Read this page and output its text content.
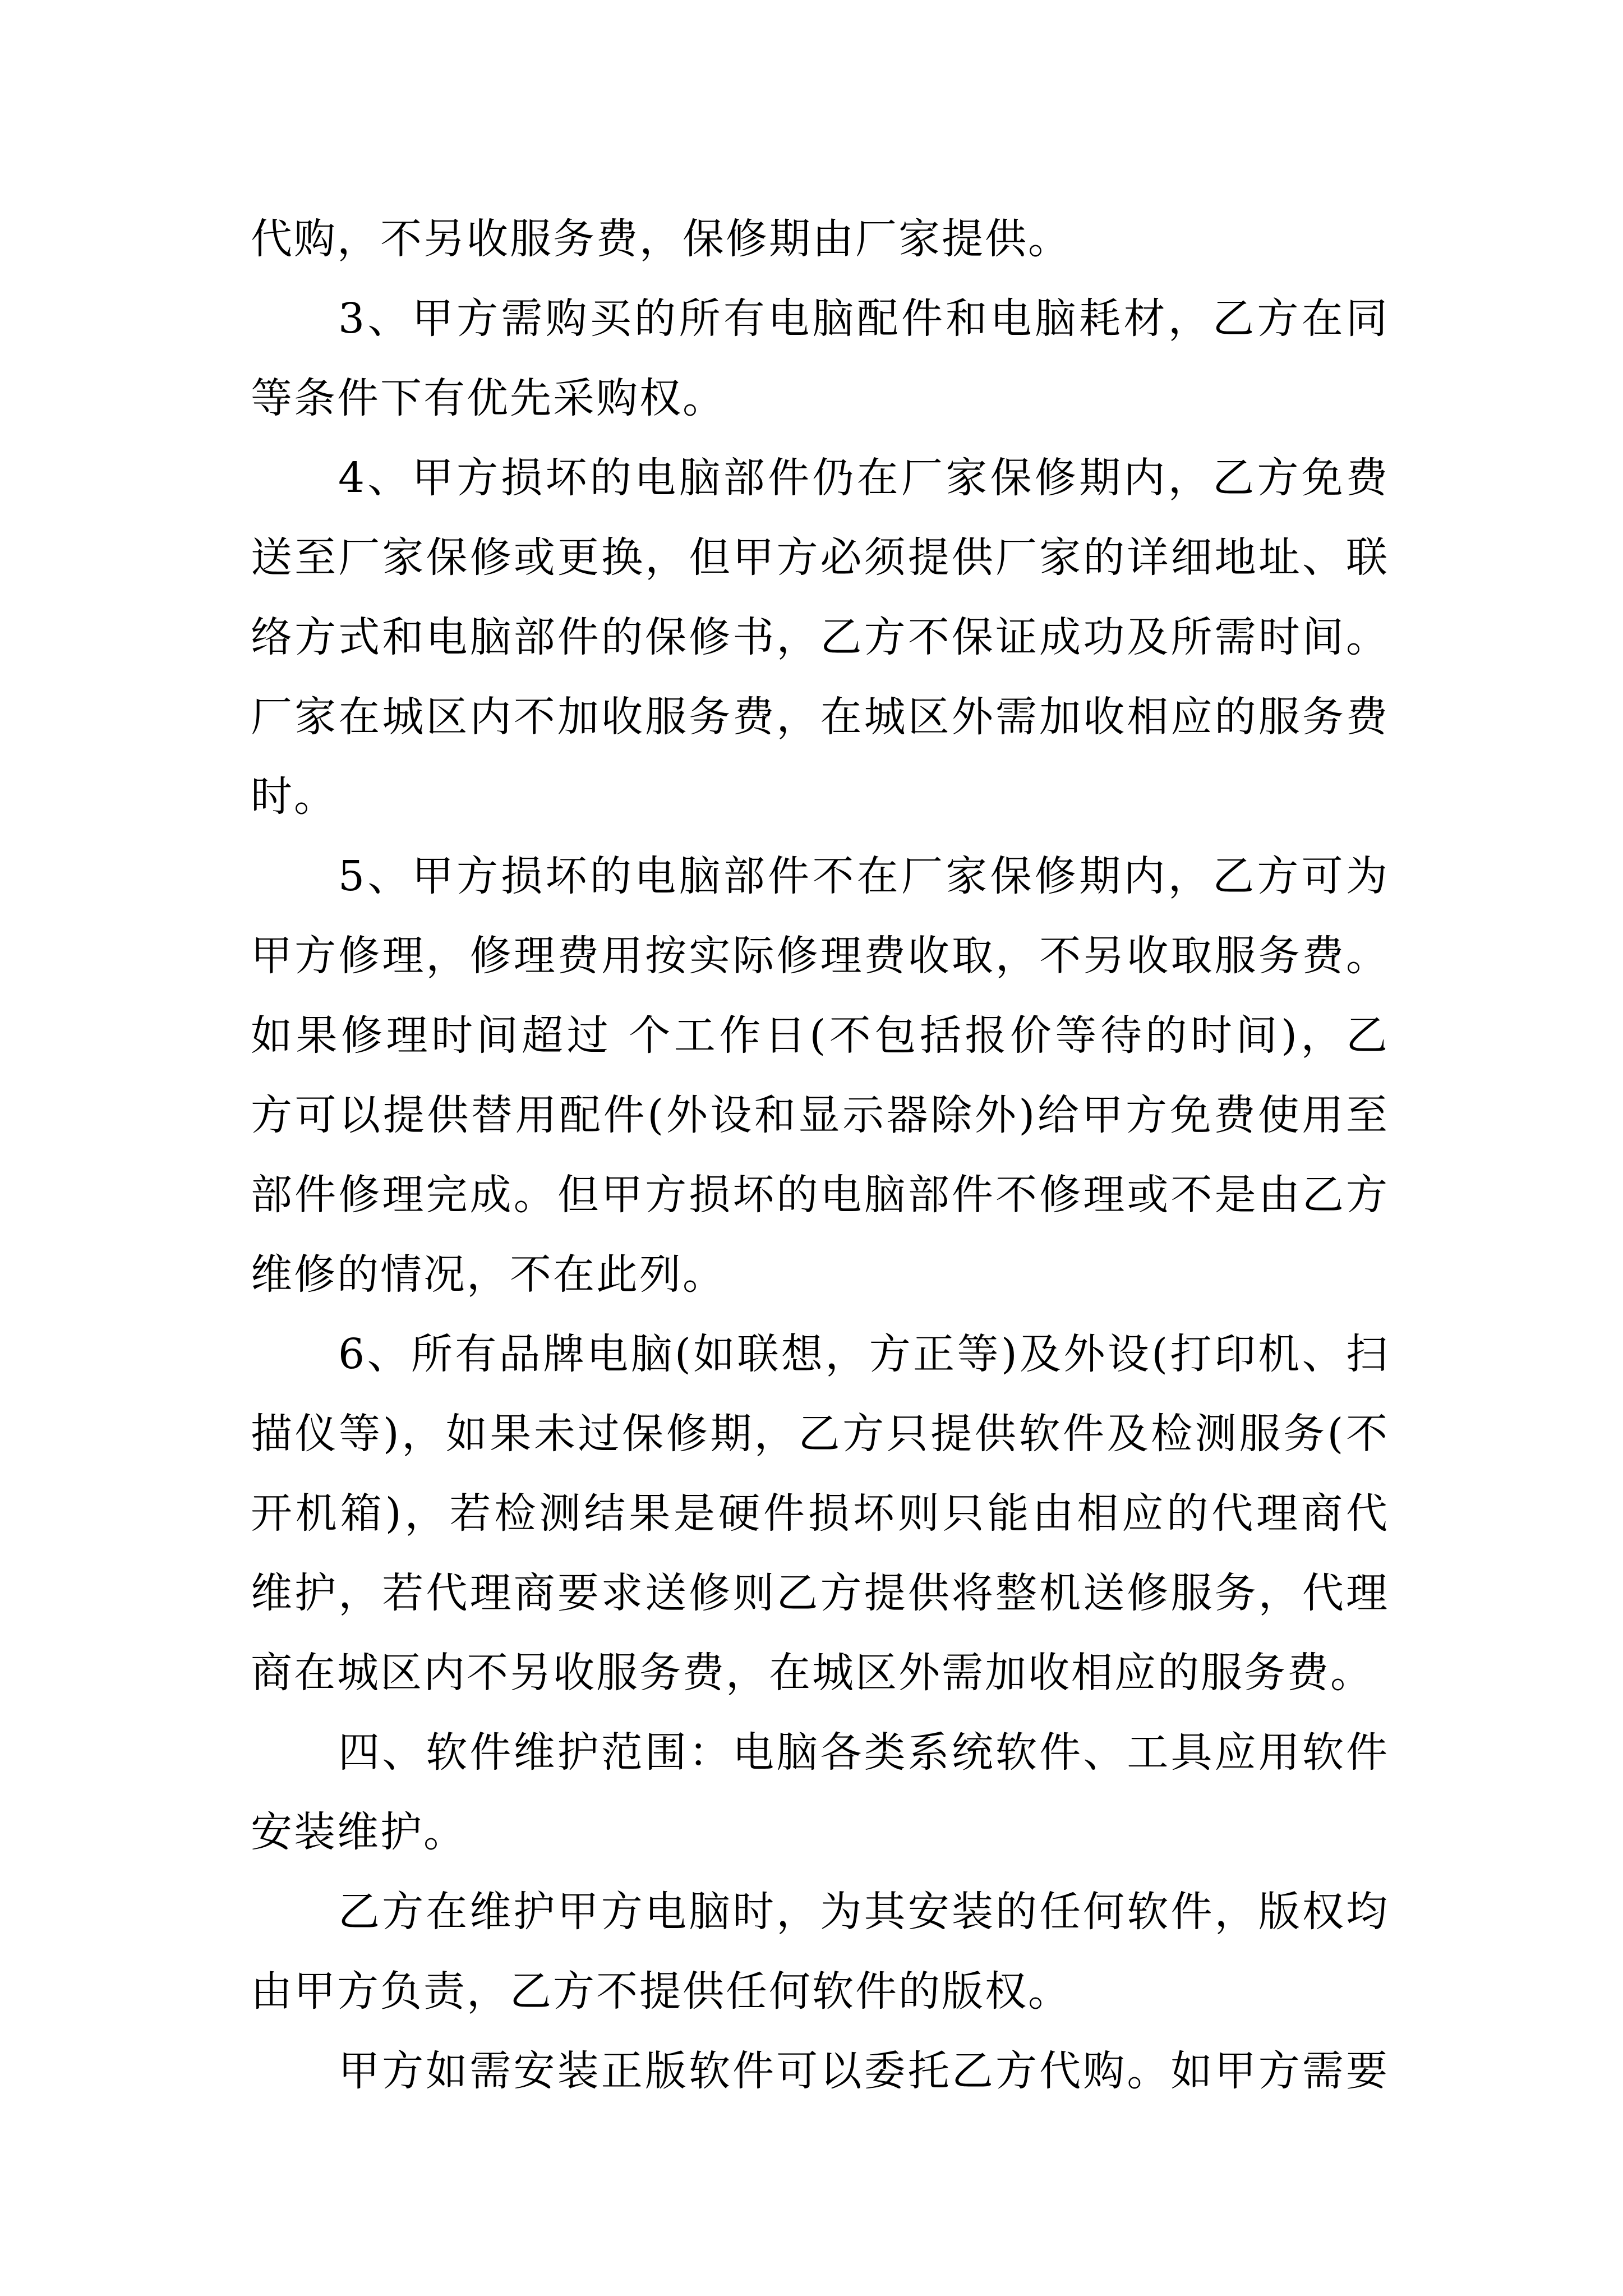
代购，不另收服务费，保修期由厂家提供。
3、甲方需购买的所有电脑配件和电脑耗材，乙方在同
等条件下有优先采购权。
4、甲方损坏的电脑部件仍在厂家保修期内，乙方免费
送至厂家保修或更换，但甲方必须提供厂家的详细地址、联
络方式和电脑部件的保修书，乙方不保证成功及所需时间。
厂家在城区内不加收服务费，在城区外需加收相应的服务费
时。
5、甲方损坏的电脑部件不在厂家保修期内，乙方可为
甲方修理，修理费用按实际修理费收取，不另收取服务费。
如果修理时间超过 个工作日(不包括报价等待的时间)，乙
方可以提供替用配件(外设和显示器除外)给甲方免费使用至
部件修理完成。但甲方损坏的电脑部件不修理或不是由乙方
维修的情况，不在此列。
6、所有品牌电脑(如联想，方正等)及外设(打印机、扫
描仪等)，如果未过保修期，乙方只提供软件及检测服务(不
开机箱)，若检测结果是硬件损坏则只能由相应的代理商代
维护，若代理商要求送修则乙方提供将整机送修服务，代理
商在城区内不另收服务费，在城区外需加收相应的服务费。
四、软件维护范围：电脑各类系统软件、工具应用软件
安装维护。
乙方在维护甲方电脑时，为其安装的任何软件，版权均
由甲方负责，乙方不提供任何软件的版权。
甲方如需安装正版软件可以委托乙方代购。如甲方需要
